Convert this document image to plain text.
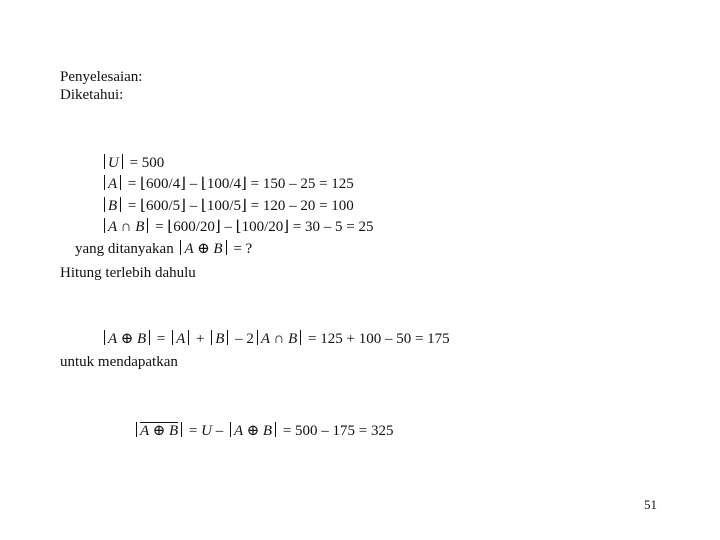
Penyelesaian:
Diketahui:

U = 500

A = ⌊600/4⌋ – ⌊100/4⌋ = 150 – 25 = 125

B = ⌊600/5⌋ – ⌊100/5⌋ = 120 – 20 = 100

A ∩ B = ⌊600/20⌋ – ⌊100/20⌋ = 30 – 5 = 25

yang ditanyakan A ⊕ B = ?

Hitung terlebih dahulu

A ⊕ B = A + B – 2 A ∩ B = 125 + 100 – 50 = 175

untuk mendapatkan

A ⊕ B = U – A ⊕ B = 500 – 175 = 325

51
